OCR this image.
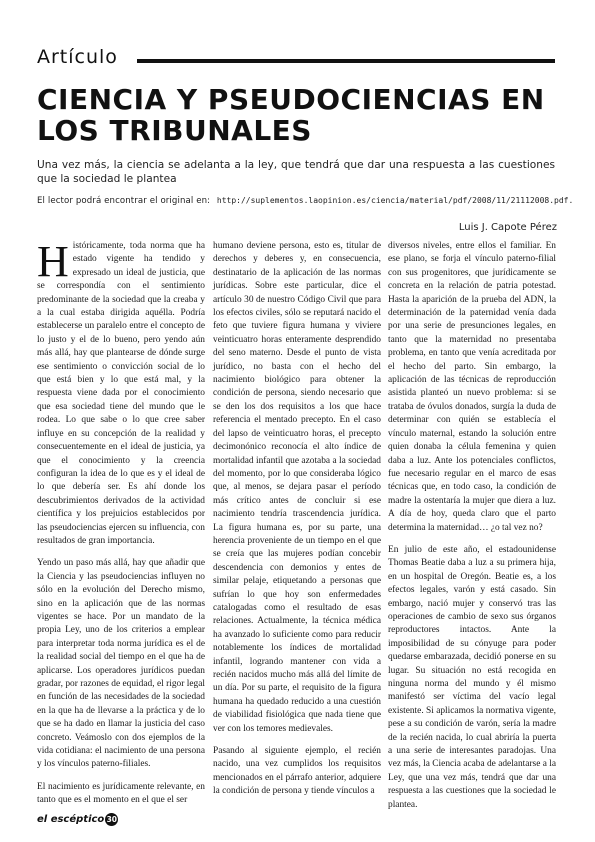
Artículo
CIENCIA Y PSEUDOCIENCIAS EN LOS TRIBUNALES

Una vez más, la ciencia se adelanta a la ley, que tendrá que dar una respuesta a las cuestiones que la sociedad le plantea

El lector podrá encontrar el original en: http://suplementos.laopinion.es/ciencia/material/pdf/2008/11/21112008.pdf.
Luis J. Capote Pérez

Históricamente, toda norma que ha estado vigente ha tendido y expresado un ideal de justicia, que se correspondía con el sentimiento predominante de la sociedad que la creaba y a la cual estaba dirigida aquélla. Podría establecerse un paralelo entre el concepto de lo justo y el de lo bueno, pero yendo aún más allá, hay que plantearse de dónde surge ese sentimiento o convicción social de lo que está bien y lo que está mal, y la respuesta viene dada por el conocimiento que esa sociedad tiene del mundo que le rodea. Lo que sabe o lo que cree saber influye en su concepción de la realidad y consecuentemente en el ideal de justicia, ya que el conocimiento y la creencia configuran la idea de lo que es y el ideal de lo que debería ser. Es ahí donde los descubrimientos derivados de la actividad científica y los prejuicios establecidos por las pseudociencias ejercen su influencia, con resultados de gran importancia.

Yendo un paso más allá, hay que añadir que la Ciencia y las pseudociencias influyen no sólo en la evolución del Derecho mismo, sino en la aplicación que de las normas vigentes se hace. Por un mandato de la propia Ley, uno de los criterios a emplear para interpretar toda norma jurídica es el de la realidad social del tiempo en el que ha de aplicarse. Los operadores jurídicos puedan gradar, por razones de equidad, el rigor legal en función de las necesidades de la sociedad en la que ha de llevarse a la práctica y de lo que se ha dado en llamar la justicia del caso concreto. Veámoslo con dos ejemplos de la vida cotidiana: el nacimiento de una persona y los vínculos paterno-filiales.

El nacimiento es jurídicamente relevante, en tanto que es el momento en el que el ser

humano deviene persona, esto es, titular de derechos y deberes y, en consecuencia, destinatario de la aplicación de las normas jurídicas. Sobre este particular, dice el artículo 30 de nuestro Código Civil que para los efectos civiles, sólo se reputará nacido el feto que tuviere figura humana y viviere veinticuatro horas enteramente desprendido del seno materno. Desde el punto de vista jurídico, no basta con el hecho del nacimiento biológico para obtener la condición de persona, siendo necesario que se den los dos requisitos a los que hace referencia el mentado precepto. En el caso del lapso de veinticuatro horas, el precepto decimonónico reconocía el alto índice de mortalidad infantil que azotaba a la sociedad del momento, por lo que consideraba lógico que, al menos, se dejara pasar el período más crítico antes de concluir si ese nacimiento tendría trascendencia jurídica. La figura humana es, por su parte, una herencia proveniente de un tiempo en el que se creía que las mujeres podían concebir descendencia con demonios y entes de similar pelaje, etiquetando a personas que sufrían lo que hoy son enfermedades catalogadas como el resultado de esas relaciones. Actualmente, la técnica médica ha avanzado lo suficiente como para reducir notablemente los índices de mortalidad infantil, logrando mantener con vida a recién nacidos mucho más allá del límite de un día. Por su parte, el requisito de la figura humana ha quedado reducido a una cuestión de viabilidad fisiológica que nada tiene que ver con los temores medievales.

Pasando al siguiente ejemplo, el recién nacido, una vez cumplidos los requisitos mencionados en el párrafo anterior, adquiere la condición de persona y tiende vínculos a

diversos niveles, entre ellos el familiar. En ese plano, se forja el vínculo paterno-filial con sus progenitores, que jurídicamente se concreta en la relación de patria potestad. Hasta la aparición de la prueba del ADN, la determinación de la paternidad venía dada por una serie de presunciones legales, en tanto que la maternidad no presentaba problema, en tanto que venía acreditada por el hecho del parto. Sin embargo, la aplicación de las técnicas de reproducción asistida planteó un nuevo problema: si se trataba de óvulos donados, surgía la duda de determinar con quién se establecía el vínculo maternal, estando la solución entre quien donaba la célula femenina y quien daba a luz. Ante los potenciales conflictos, fue necesario regular en el marco de esas técnicas que, en todo caso, la condición de madre la ostentaría la mujer que diera a luz. A día de hoy, queda claro que el parto determina la maternidad… ¿o tal vez no?

En julio de este año, el estadounidense Thomas Beatie daba a luz a su primera hija, en un hospital de Oregón. Beatie es, a los efectos legales, varón y está casado. Sin embargo, nació mujer y conservó tras las operaciones de cambio de sexo sus órganos reproductores intactos. Ante la imposibilidad de su cónyuge para poder quedarse embarazada, decidió ponerse en su lugar. Su situación no está recogida en ninguna norma del mundo y él mismo manifestó ser víctima del vacío legal existente. Si aplicamos la normativa vigente, pese a su condición de varón, sería la madre de la recién nacida, lo cual abriría la puerta a una serie de interesantes paradojas. Una vez más, la Ciencia acaba de adelantarse a la Ley, que una vez más, tendrá que dar una respuesta a las cuestiones que la sociedad le plantea.

el escéptico 30
